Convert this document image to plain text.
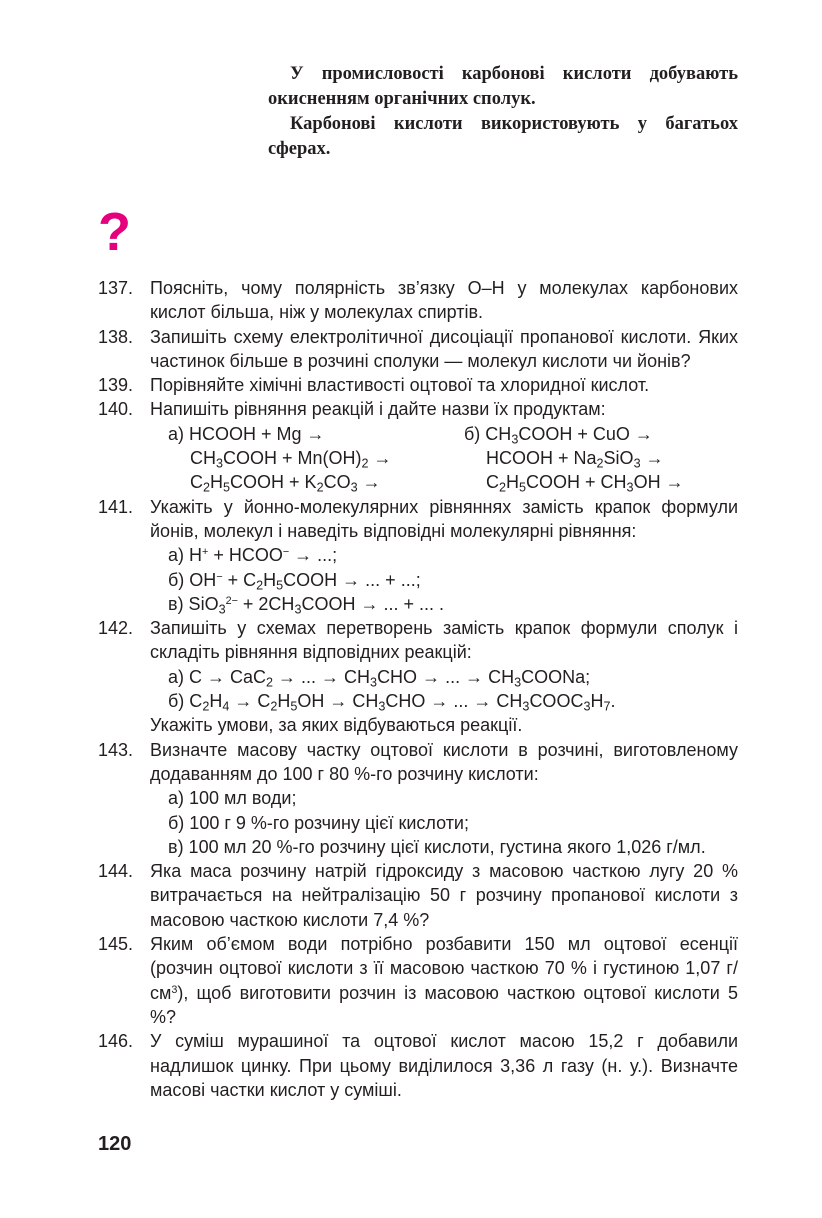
У промисловості карбонові кислоти добувають окисненням органічних сполук.

Карбонові кислоти використовують у багатьох сферах.

?
137. Поясніть, чому полярність зв’язку O–H у молекулах карбонових кислот більша, ніж у молекулах спиртів.
138. Запишіть схему електролітичної дисоціації пропанової кислоти. Яких частинок більше в розчині сполуки — молекул кислоти чи йонів?
139. Порівняйте хімічні властивості оцтової та хлоридної кислот.
140. Напишіть рівняння реакцій і дайте назви їх продуктам:
а) HCOOH + Mg →
$CH_3COOH + Mn(OH)_2$ →
$C_2H_5COOH + K_2CO_3$ →
б) $CH_3COOH$ + CuO →
HCOOH + $Na_2SiO_3$ →
$C_2H_5COOH + CH_3OH$ →
141. Укажіть у йонно-молекулярних рівняннях замість крапок формули йонів, молекул і наведіть відповідні молекулярні рівняння:
а) H+ + HCOO− → ...;
б) $OH^- + C_2H_5COOH$ → ... + ...;
в) $SiO_3^{2-} + 2CH_3COOH$ → ... + ... .
142. Запишіть у схемах перетворень замість крапок формули сполук і складіть рівняння відповідних реакцій:
а) C → CaC$_2$ → ... → $CH_3CHO$ → ... → $CH_3COONa$;
б) $C_2H_4 \to C_2H_5OH \to CH_3CHO$ → ... → $CH_3COOC_3H_7$.
Укажіть умови, за яких відбуваються реакції.
143. Визначте масову частку оцтової кислоти в розчині, виготовленому додаванням до 100 г 80 %-го розчину кислоти:
а) 100 мл води;
б) 100 г 9 %-го розчину цієї кислоти;
в) 100 мл 20 %-го розчину цієї кислоти, густина якого 1,026 г/мл.
144. Яка маса розчину натрій гідроксиду з масовою часткою лугу 20 % витрачається на нейтралізацію 50 г розчину пропанової кислоти з масовою часткою кислоти 7,4 %?
145. Яким об’ємом води потрібно розбавити 150 мл оцтової есенції (розчин оцтової кислоти з її масовою часткою 70 % і густиною 1,07 $г/см^3$), щоб виготовити розчин із масовою часткою оцтової кислоти 5 %?
146. У суміш мурашиної та оцтової кислот масою 15,2 г добавили надлишок цинку. При цьому виділилося 3,36 л газу (н. у.). Визначте масові частки кислот у суміші.
120
